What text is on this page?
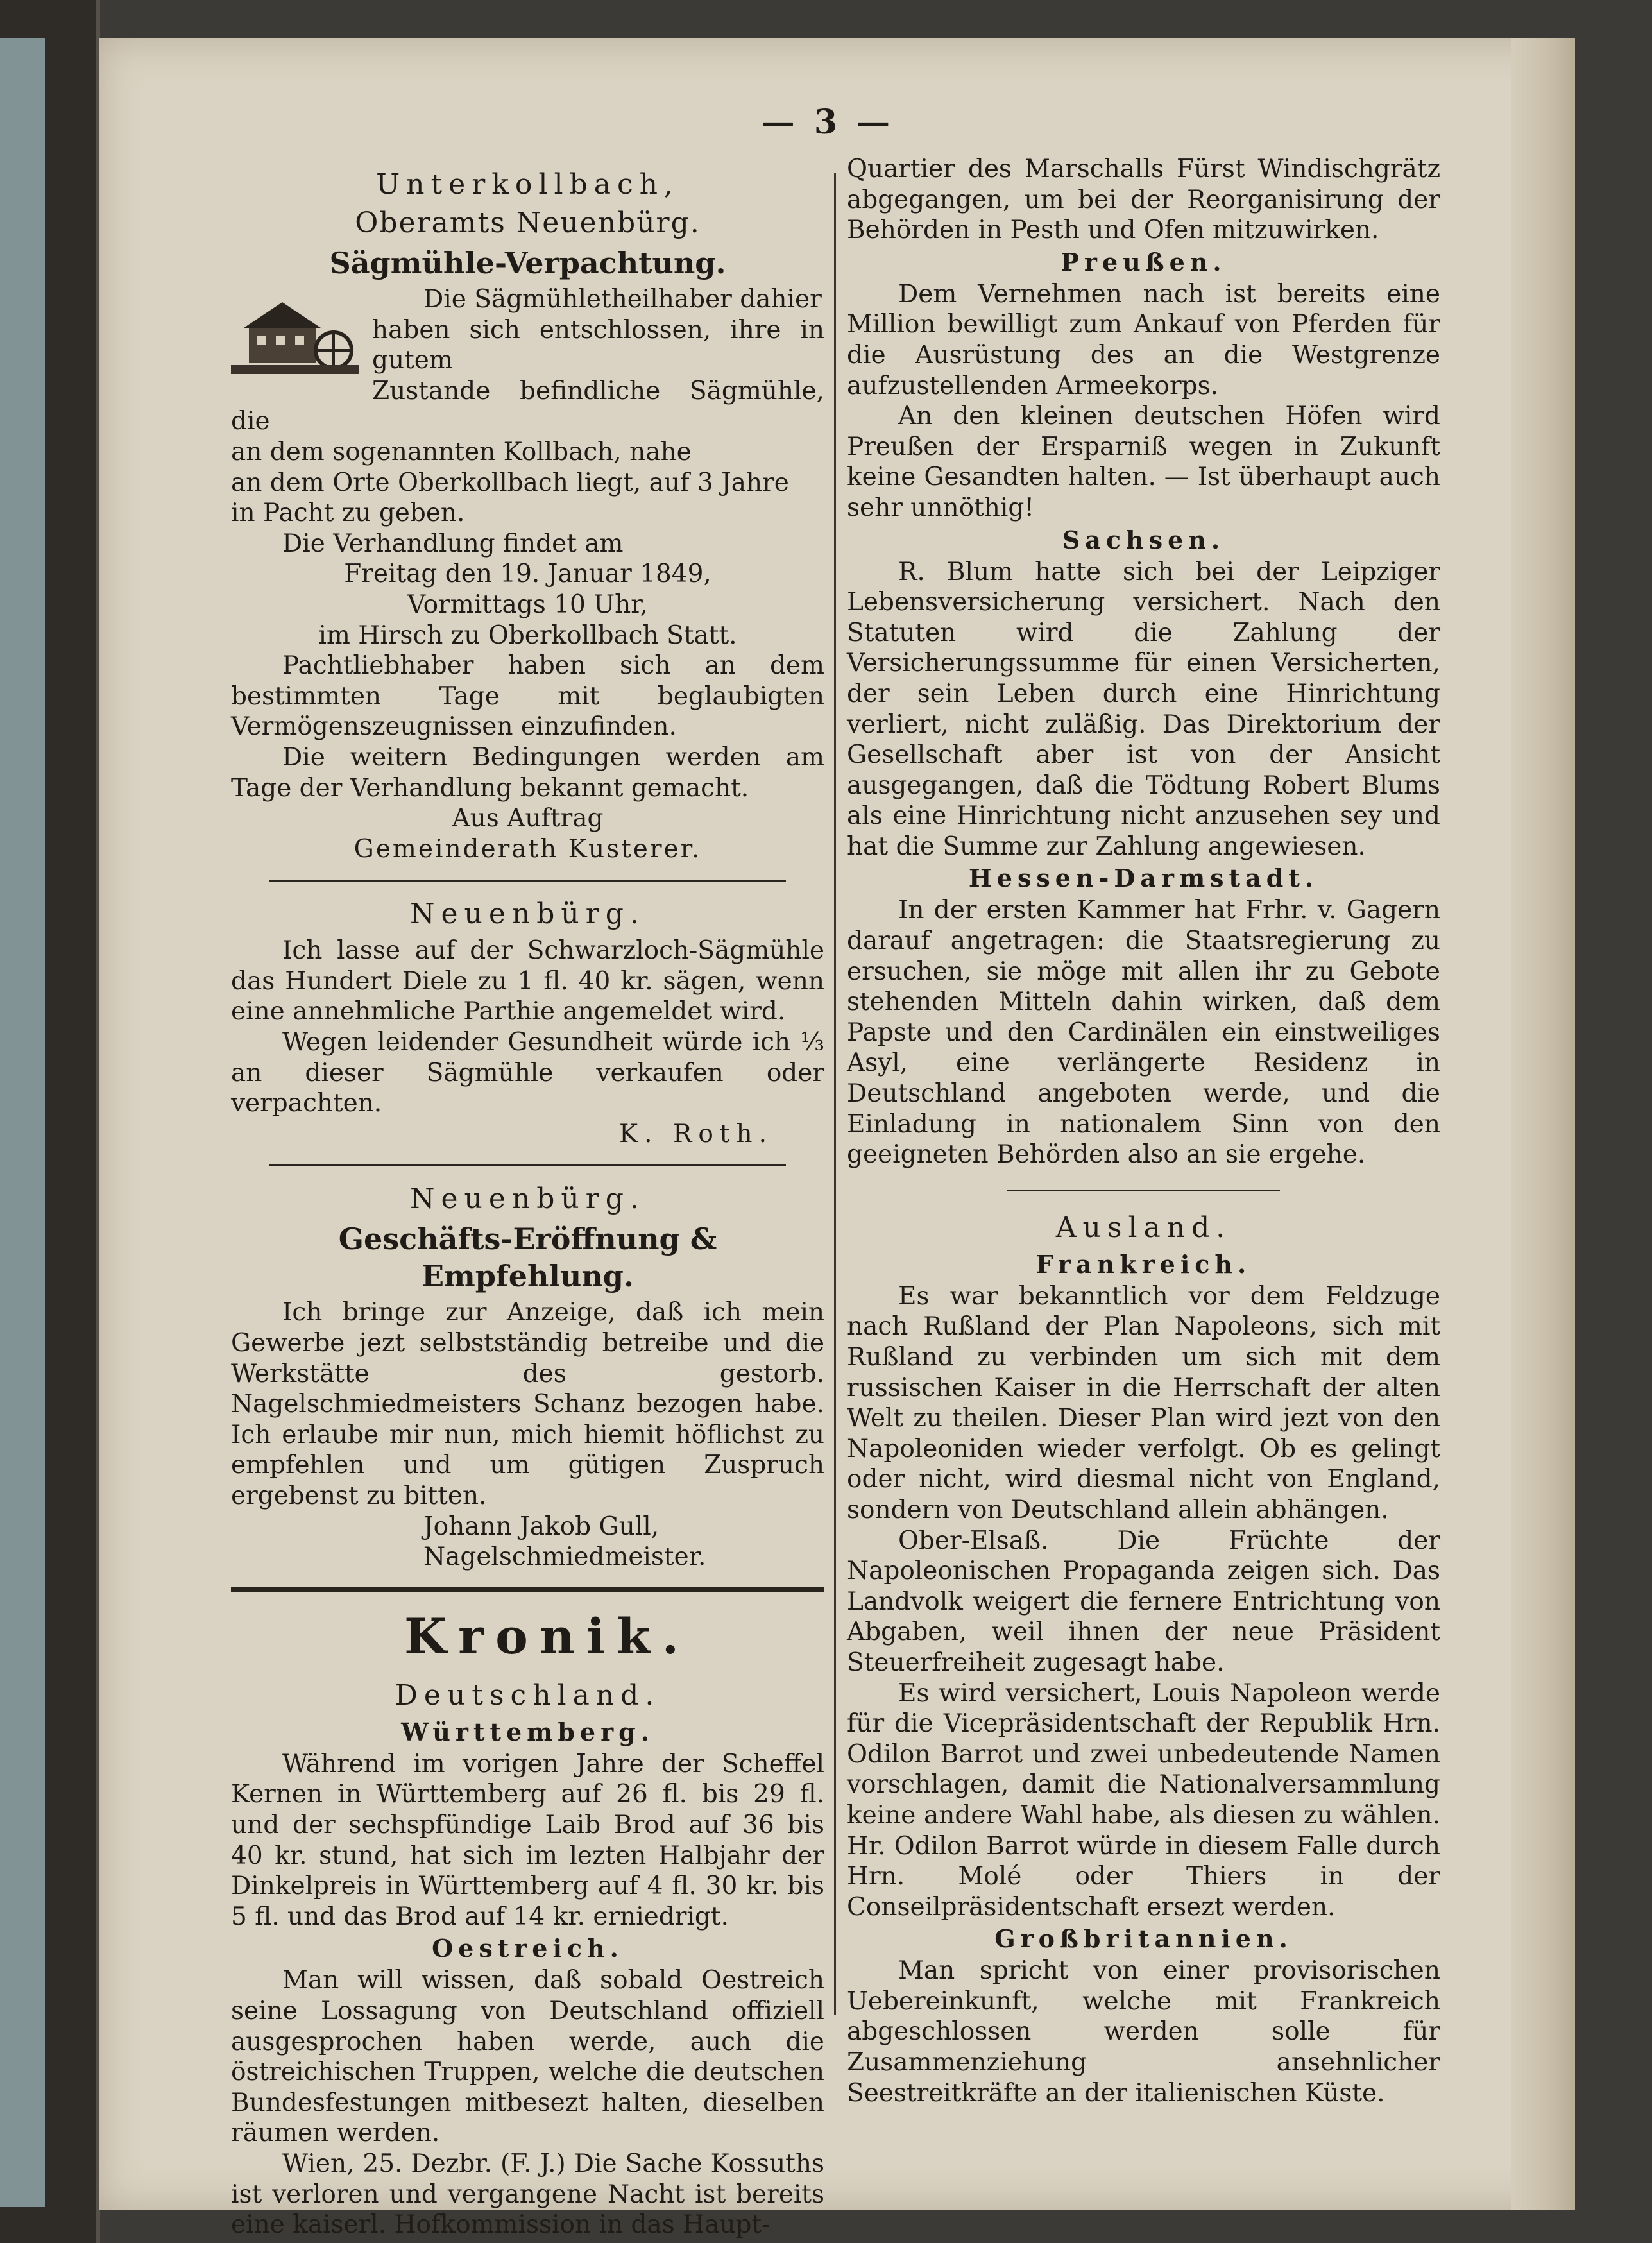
— 3 —
Unterkollbach,
Oberamts Neuenbürg.
Sägmühle-Verpachtung.

Die Sägmühletheilhaber dahier

haben sich entschlossen, ihre in gutem

Zustande befindliche Sägmühle, die

an dem sogenannten Kollbach, nahe

an dem Orte Oberkollbach liegt, auf 3 Jahre

in Pacht zu geben.

Die Verhandlung findet am

Freitag den 19. Januar 1849,

Vormittags 10 Uhr,

im Hirsch zu Oberkollbach Statt.

Pachtliebhaber haben sich an dem bestimmten Tage mit beglaubigten Vermögenszeugnissen einzufinden.

Die weitern Bedingungen werden am Tage der Verhandlung bekannt gemacht.

Aus Auftrag

Gemeinderath Kusterer.

Neuenbürg.

Ich lasse auf der Schwarzloch-Sägmühle das Hundert Diele zu 1 fl. 40 kr. sägen, wenn eine annehmliche Parthie angemeldet wird.

Wegen leidender Gesundheit würde ich ⅓ an dieser Sägmühle verkaufen oder verpachten.

K. Roth.

Neuenbürg.
Geschäfts-Eröffnung & Empfehlung.

Ich bringe zur Anzeige, daß ich mein Gewerbe jezt selbstständig betreibe und die Werkstätte des gestorb. Nagelschmiedmeisters Schanz bezogen habe. Ich erlaube mir nun, mich hiemit höflichst zu empfehlen und um gütigen Zuspruch ergebenst zu bitten.

Johann Jakob Gull,

Nagelschmiedmeister.

Kronik.
Deutschland.
Württemberg.

Während im vorigen Jahre der Scheffel Kernen in Württemberg auf 26 fl. bis 29 fl. und der sechspfündige Laib Brod auf 36 bis 40 kr. stund, hat sich im lezten Halbjahr der Dinkelpreis in Württemberg auf 4 fl. 30 kr. bis 5 fl. und das Brod auf 14 kr. erniedrigt.

Oestreich.

Man will wissen, daß sobald Oestreich seine Lossagung von Deutschland offiziell ausgesprochen haben werde, auch die östreichischen Truppen, welche die deutschen Bundesfestungen mitbesezt halten, dieselben räumen werden.

Wien, 25. Dezbr. (F. J.) Die Sache Kossuths ist verloren und vergangene Nacht ist bereits eine kaiserl. Hofkommission in das Haupt-

Quartier des Marschalls Fürst Windischgrätz abgegangen, um bei der Reorganisirung der Behörden in Pesth und Ofen mitzuwirken.

Preußen.

Dem Vernehmen nach ist bereits eine Million bewilligt zum Ankauf von Pferden für die Ausrüstung des an die Westgrenze aufzustellenden Armeekorps.

An den kleinen deutschen Höfen wird Preußen der Ersparniß wegen in Zukunft keine Gesandten halten. — Ist überhaupt auch sehr unnöthig!

Sachsen.

R. Blum hatte sich bei der Leipziger Lebensversicherung versichert. Nach den Statuten wird die Zahlung der Versicherungssumme für einen Versicherten, der sein Leben durch eine Hinrichtung verliert, nicht zuläßig. Das Direktorium der Gesellschaft aber ist von der Ansicht ausgegangen, daß die Tödtung Robert Blums als eine Hinrichtung nicht anzusehen sey und hat die Summe zur Zahlung angewiesen.

Hessen-Darmstadt.

In der ersten Kammer hat Frhr. v. Gagern darauf angetragen: die Staatsregierung zu ersuchen, sie möge mit allen ihr zu Gebote stehenden Mitteln dahin wirken, daß dem Papste und den Cardinälen ein einstweiliges Asyl, eine verlängerte Residenz in Deutschland angeboten werde, und die Einladung in nationalem Sinn von den geeigneten Behörden also an sie ergehe.

Ausland.
Frankreich.

Es war bekanntlich vor dem Feldzuge nach Rußland der Plan Napoleons, sich mit Rußland zu verbinden um sich mit dem russischen Kaiser in die Herrschaft der alten Welt zu theilen. Dieser Plan wird jezt von den Napoleoniden wieder verfolgt. Ob es gelingt oder nicht, wird diesmal nicht von England, sondern von Deutschland allein abhängen.

Ober-Elsaß. Die Früchte der Napoleonischen Propaganda zeigen sich. Das Landvolk weigert die fernere Entrichtung von Abgaben, weil ihnen der neue Präsident Steuerfreiheit zugesagt habe.

Es wird versichert, Louis Napoleon werde für die Vicepräsidentschaft der Republik Hrn. Odilon Barrot und zwei unbedeutende Namen vorschlagen, damit die Nationalversammlung keine andere Wahl habe, als diesen zu wählen. Hr. Odilon Barrot würde in diesem Falle durch Hrn. Molé oder Thiers in der Conseilpräsidentschaft ersezt werden.

Großbritannien.

Man spricht von einer provisorischen Uebereinkunft, welche mit Frankreich abgeschlossen werden solle für Zusammenziehung ansehnlicher Seestreitkräfte an der italienischen Küste.
